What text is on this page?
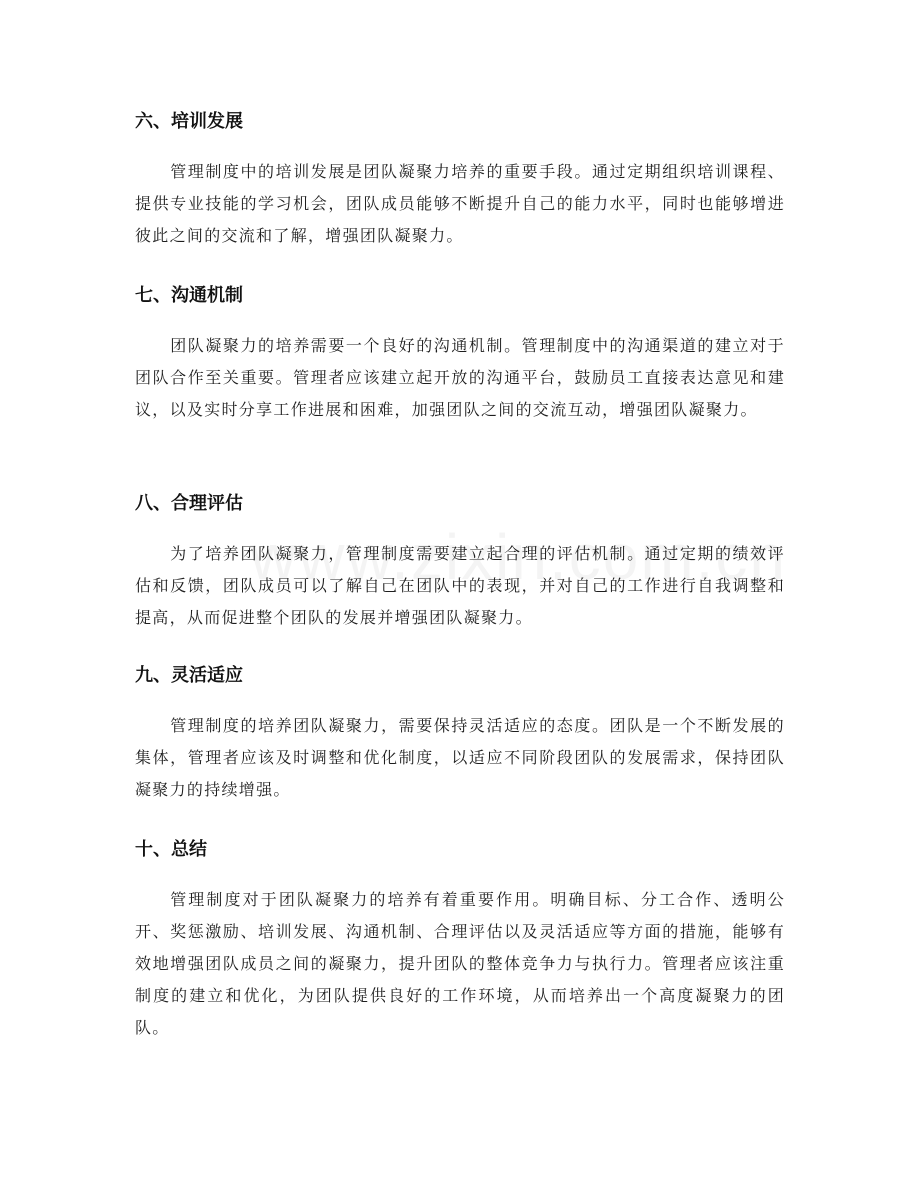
六、培训发展

管理制度中的培训发展是团队凝聚力培养的重要手段。通过定期组织培训课程、提供专业技能的学习机会，团队成员能够不断提升自己的能力水平，同时也能够增进彼此之间的交流和了解，增强团队凝聚力。

七、沟通机制

团队凝聚力的培养需要一个良好的沟通机制。管理制度中的沟通渠道的建立对于团队合作至关重要。管理者应该建立起开放的沟通平台，鼓励员工直接表达意见和建议，以及实时分享工作进展和困难，加强团队之间的交流互动，增强团队凝聚力。

八、合理评估

为了培养团队凝聚力，管理制度需要建立起合理的评估机制。通过定期的绩效评估和反馈，团队成员可以了解自己在团队中的表现，并对自己的工作进行自我调整和提高，从而促进整个团队的发展并增强团队凝聚力。

九、灵活适应

管理制度的培养团队凝聚力，需要保持灵活适应的态度。团队是一个不断发展的集体，管理者应该及时调整和优化制度，以适应不同阶段团队的发展需求，保持团队凝聚力的持续增强。

十、总结

管理制度对于团队凝聚力的培养有着重要作用。明确目标、分工合作、透明公开、奖惩激励、培训发展、沟通机制、合理评估以及灵活适应等方面的措施，能够有效地增强团队成员之间的凝聚力，提升团队的整体竞争力与执行力。管理者应该注重制度的建立和优化，为团队提供良好的工作环境，从而培养出一个高度凝聚力的团队。
